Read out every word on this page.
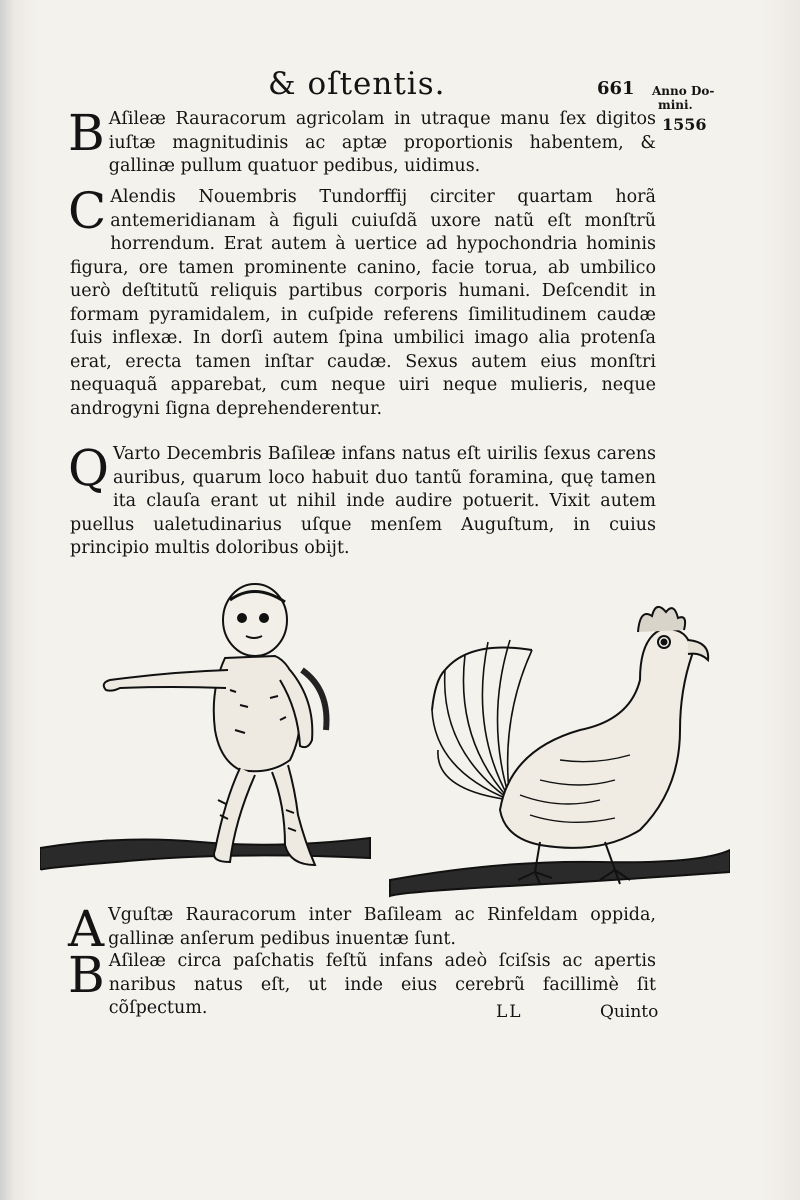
& oſtentis.	661 Anno Do-
mini.
1556
B Aſileæ Rauracorum agricolam in utraque manu ſex digitos iuſtæ magnitudinis ac aptæ proportionis habentem, & gallinæ pullum quatuor pedibus, uidimus.
C Alendis Nouembris Tundorffij circiter quartam horã antemeridianam à figuli cuiuſdã uxore natũ eſt monſtrũ horrendum. Erat autem à uertice ad hypochondria hominis figura, ore tamen prominente canino, facie torua, ab umbilico uerò deſtitutũ reliquis partibus corporis humani. Deſcendit in formam pyramidalem, in cuſpide referens ſimilitudinem caudæ ſuis inflexæ. In dorſi autem ſpina umbilici imago alia protenſa erat, erecta tamen inſtar caudæ. Sexus autem eius monſtri nequaquã apparebat, cum neque uiri neque mulieris, neque androgyni ſigna deprehenderentur.
Q Varto Decembris Baſileæ infans natus eſt uirilis ſexus carens auribus, quarum loco habuit duo tantũ foramina, quę tamen ita clauſa erant ut nihil inde audire potuerit. Vixit autem puellus ualetudinarius uſque menſem Auguſtum, in cuius principio multis doloribus obijt.
A Vguſtæ Rauracorum inter Baſileam ac Rinfeldam oppida, gallinæ anſerum pedibus inuentæ ſunt.
B Aſileæ circa paſchatis feſtũ infans adeò ſciſsis ac apertis naribus natus eſt, ut inde eius cerebrũ facillimè ſit cõſpectum.	LL	Quinto
